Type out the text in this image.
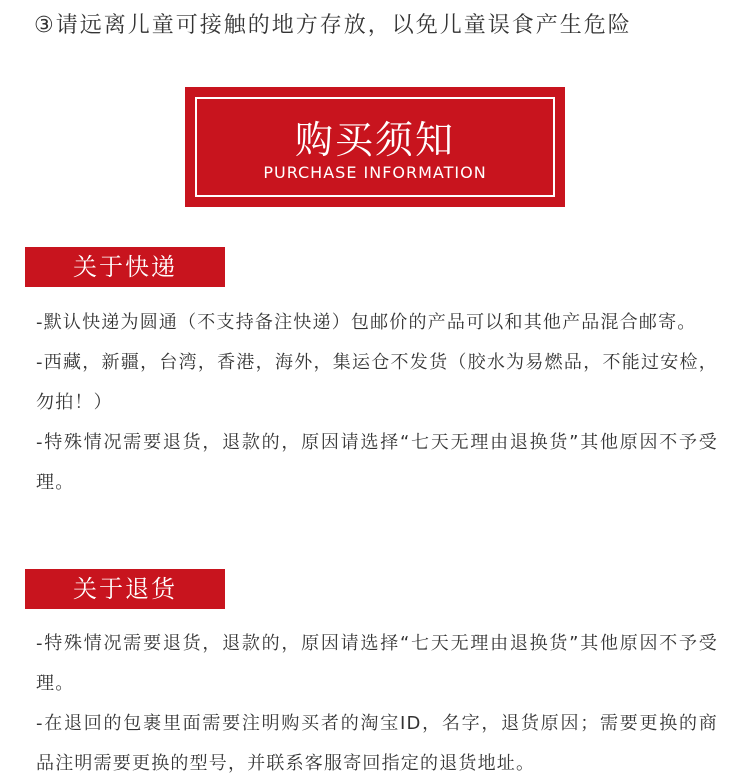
③请远离儿童可接触的地方存放，以免儿童误食产生危险
购买须知
PURCHASE INFORMATION
关于快递

-默认快递为圆通（不支持备注快递）包邮价的产品可以和其他产品混合邮寄。

-西藏，新疆，台湾，香港，海外，集运仓不发货（胶水为易燃品，不能过安检，勿拍！）

-特殊情况需要退货，退款的，原因请选择“七天无理由退换货”其他原因不予受理。

关于退货

-特殊情况需要退货，退款的，原因请选择“七天无理由退换货”其他原因不予受理。

-在退回的包裹里面需要注明购买者的淘宝ID，名字，退货原因；需要更换的商品注明需要更换的型号，并联系客服寄回指定的退货地址。
